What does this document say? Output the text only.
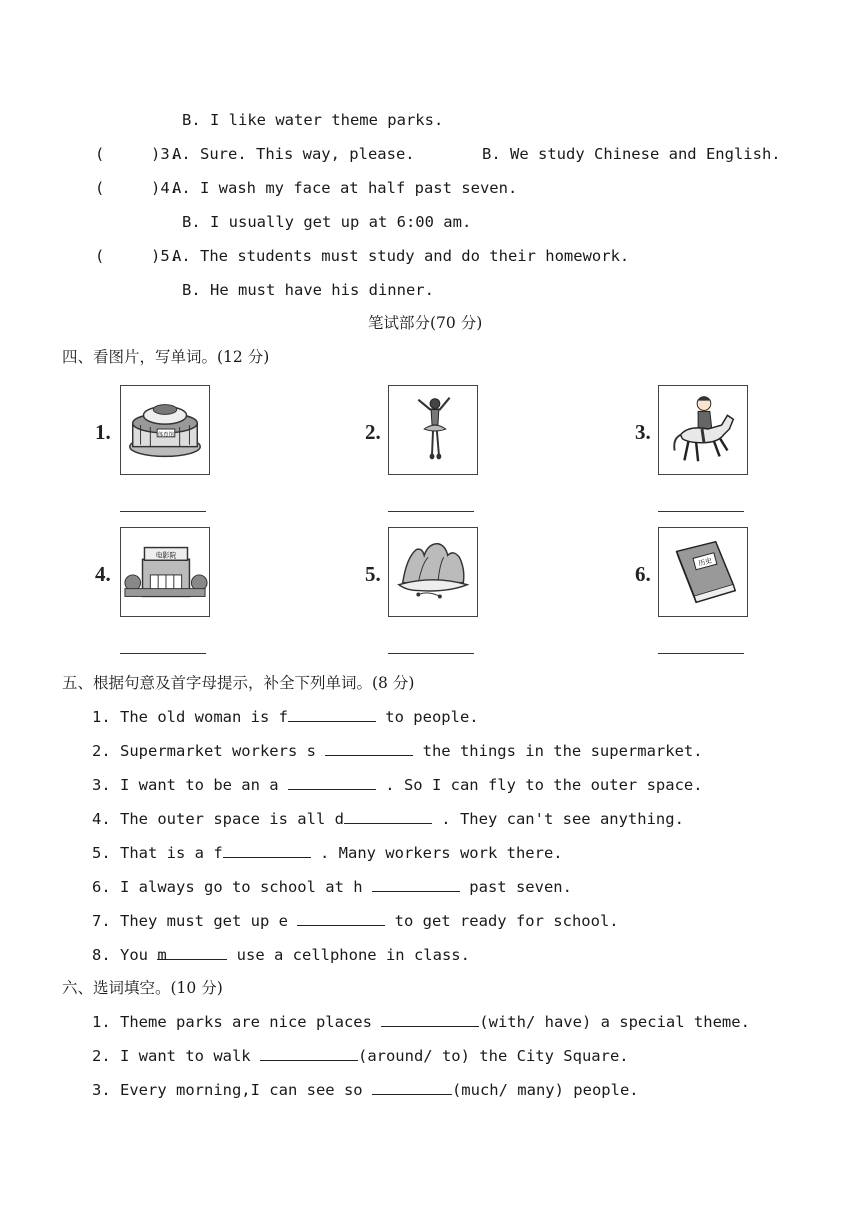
B. I like water theme parks.
(     )3.
A. Sure. This way, please.	B. We study Chinese and English.
(     )4.
A. I wash my face at half past seven.
B. I usually get up at 6:00 am.
(     )5.
A. The students must study and do their homework.
B. He must have his dinner.
笔试部分(70 分)
四、看图片，写单词。(12 分)
1.	体育馆	2.	3.
4.
电影院
5.	6.	历史
五、根据句意及首字母提示，补全下列单词。(8 分)
1. The old woman is f	to people.
2. Supermarket workers s	the things in the supermarket.
3. I want to be an a	. So I can fly to the outer space.
4. The outer space is all d	. They can't see anything.
5. That is a f	. Many workers work there.
6. I always go to school at h	past seven.
7. They must get up e	to get ready for school.
8. You m	use a cellphone in class.
六、选词填空。(10 分)
1. Theme parks are nice places	(with/ have) a special theme.
2. I want to walk	(around/ to) the City Square.
3. Every morning,I can see so	(much/ many) people.
